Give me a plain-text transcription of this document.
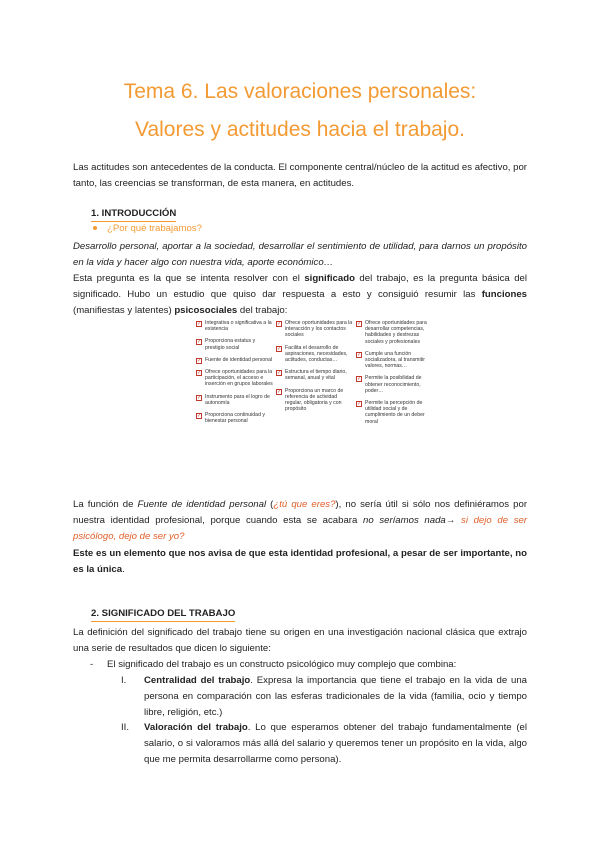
Tema 6. Las valoraciones personales:
Valores y actitudes hacia el trabajo.
Las actitudes son antecedentes de la conducta. El componente central/núcleo de la actitud es afectivo, por tanto, las creencias se transforman, de esta manera, en actitudes.
1. INTRODUCCIÓN
¿Por qué trabajamos?
Desarrollo personal, aportar a la sociedad, desarrollar el sentimiento de utilidad, para darnos un propósito en la vida y hacer algo con nuestra vida, aporte económico…
Esta pregunta es la que se intenta resolver con el significado del trabajo, es la pregunta básica del significado. Hubo un estudio que quiso dar respuesta a esto y consiguió resumir las funciones (manifiestas y latentes) psicosociales del trabajo:
✓ Integrativa o significativa a la existencia
✓ Proporciona estatus y prestigio social
✓ Fuente de identidad personal
✓ Ofrece oportunidades para la participación, el acceso e inserción en grupos laborales
✓ Instrumento para el logro de autonomía
✓ Proporciona continuidad y bienestar personal
✓ Ofrece oportunidades para la interacción y los contactos sociales
✓ Facilita el desarrollo de aspiraciones, necesidades, actitudes, conductas…
✓ Estructura el tiempo diario, semanal, anual y vital
✓ Proporciona un marco de referencia de actividad regular, obligatoria y con propósito
✓ Ofrece oportunidades para desarrollar competencias, habilidades y destrezas sociales y profesionales
✓ Cumple una función socializadora, al transmitir valores, normas…
✓ Permite la posibilidad de obtener reconocimiento, poder…
✓ Permite la percepción de utilidad social y de cumplimiento de un deber moral
La función de Fuente de identidad personal (¿tú que eres?), no sería útil si sólo nos definiéramos por nuestra identidad profesional, porque cuando esta se acabara no seríamos nada→ si dejo de ser psicólogo, dejo de ser yo?
Este es un elemento que nos avisa de que esta identidad profesional, a pesar de ser importante, no es la única.
2. SIGNIFICADO DEL TRABAJO
La definición del significado del trabajo tiene su origen en una investigación nacional clásica que extrajo una serie de resultados que dicen lo siguiente:
- El significado del trabajo es un constructo psicológico muy complejo que combina:
I. Centralidad del trabajo. Expresa la importancia que tiene el trabajo en la vida de una persona en comparación con las esferas tradicionales de la vida (familia, ocio y tiempo libre, religión, etc.)
II. Valoración del trabajo. Lo que esperamos obtener del trabajo fundamentalmente (el salario, o si valoramos más allá del salario y queremos tener un propósito en la vida, algo que me permita desarrollarme como persona).
